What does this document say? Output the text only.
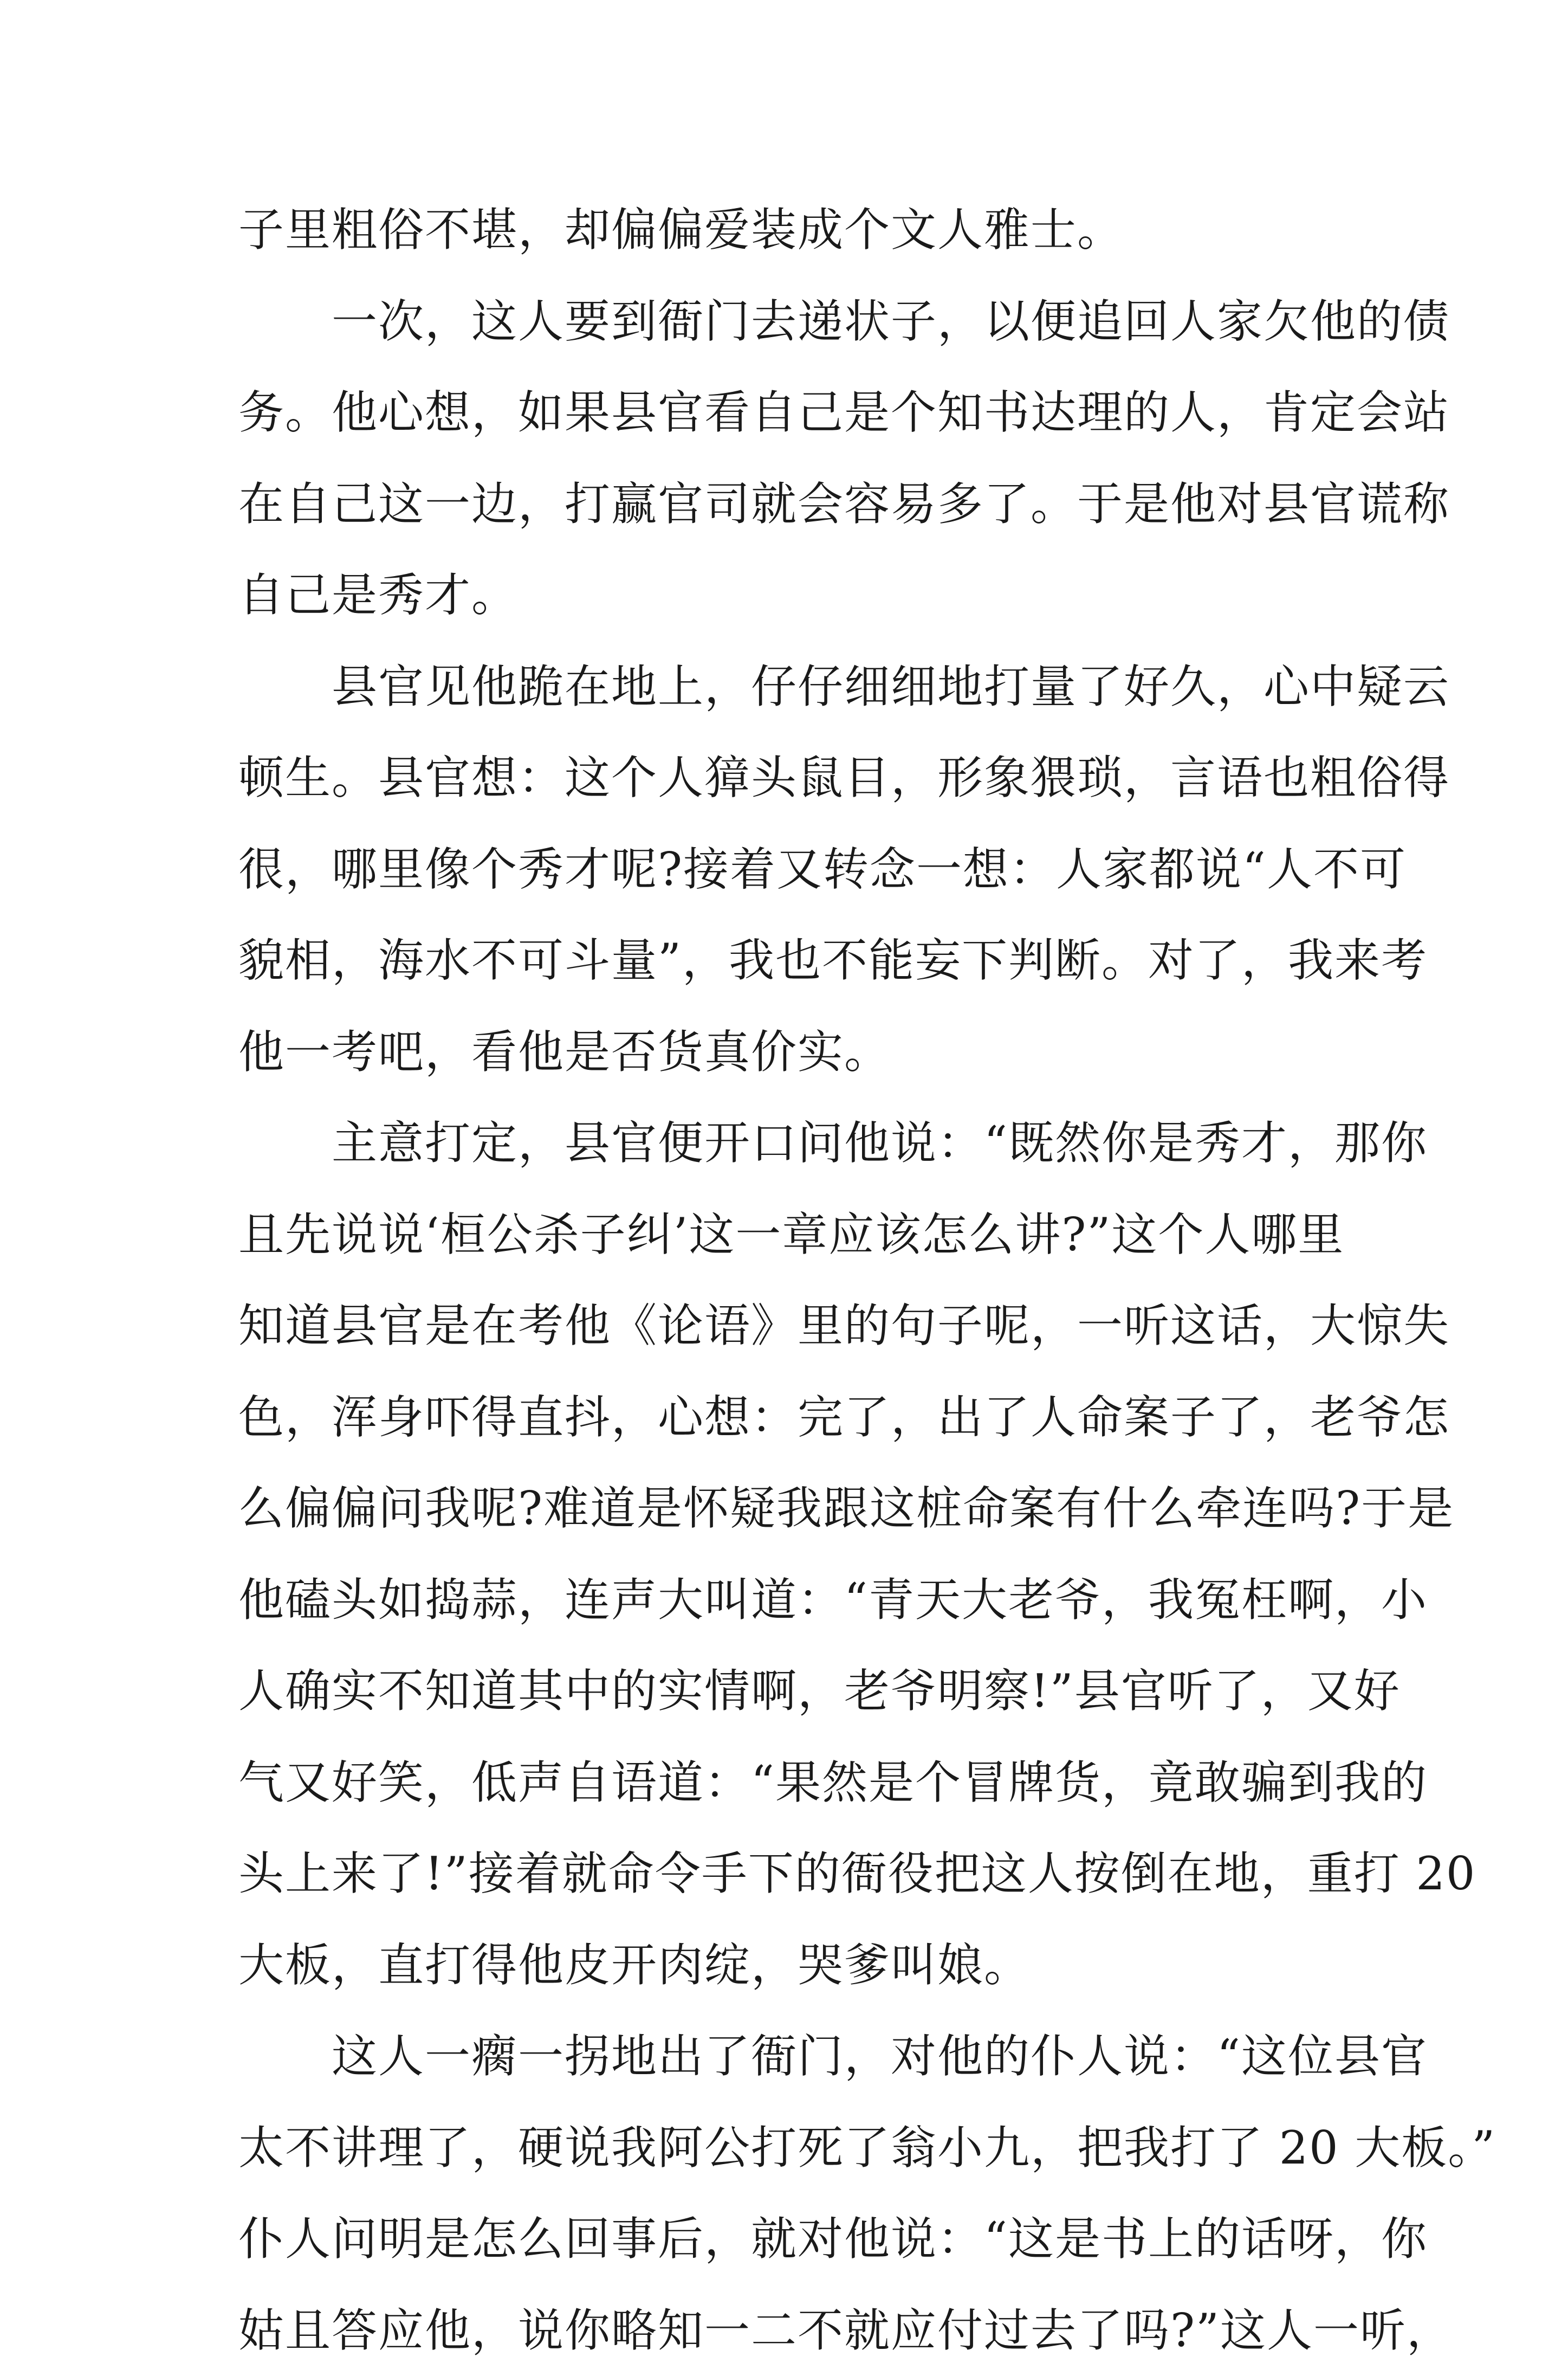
子里粗俗不堪，却偏偏爱装成个文人雅士。

　　一次，这人要到衙门去递状子，以便追回人家欠他的债
务。他心想，如果县官看自己是个知书达理的人，肯定会站
在自己这一边，打赢官司就会容易多了。于是他对县官谎称
自己是秀才。

　　县官见他跪在地上，仔仔细细地打量了好久，心中疑云
顿生。县官想：这个人獐头鼠目，形象猥琐，言语也粗俗得
很，哪里像个秀才呢?接着又转念一想：人家都说“人不可
貌相，海水不可斗量”，我也不能妄下判断。对了，我来考
他一考吧，看他是否货真价实。

　　主意打定，县官便开口问他说：“既然你是秀才，那你
且先说说‘桓公杀子纠’这一章应该怎么讲?”这个人哪里
知道县官是在考他《论语》里的句子呢，一听这话，大惊失
色，浑身吓得直抖，心想：完了，出了人命案子了，老爷怎
么偏偏问我呢?难道是怀疑我跟这桩命案有什么牵连吗?于是
他磕头如捣蒜，连声大叫道：“青天大老爷，我冤枉啊，小
人确实不知道其中的实情啊，老爷明察!”县官听了，又好
气又好笑，低声自语道：“果然是个冒牌货，竟敢骗到我的
头上来了!”接着就命令手下的衙役把这人按倒在地，重打 20
大板，直打得他皮开肉绽，哭爹叫娘。

　　这人一瘸一拐地出了衙门，对他的仆人说：“这位县官
太不讲理了，硬说我阿公打死了翁小九，把我打了 20 大板。”
仆人问明是怎么回事后，就对他说：“这是书上的话呀，你
姑且答应他，说你略知一二不就应付过去了吗?”这人一听，
